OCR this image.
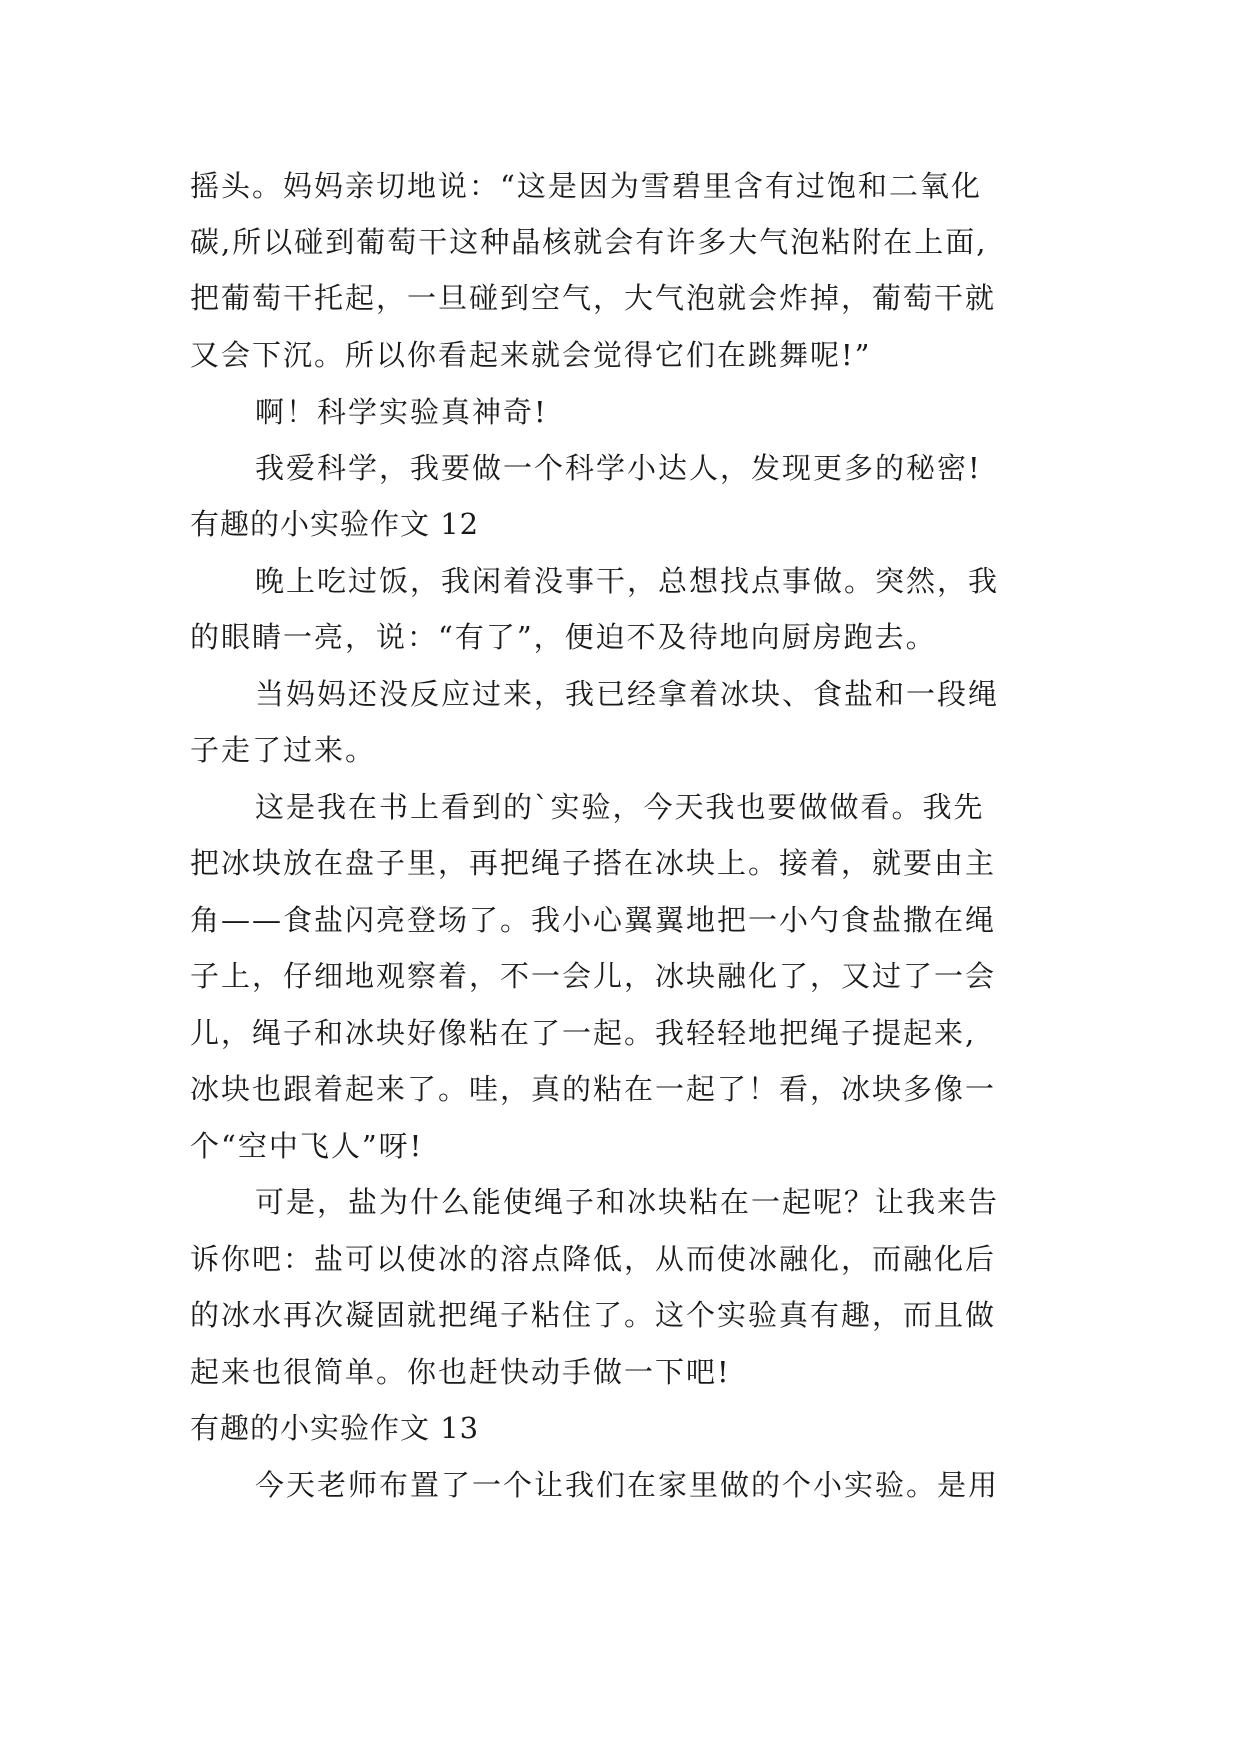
摇头。妈妈亲切地说：“这是因为雪碧里含有过饱和二氧化
碳,所以碰到葡萄干这种晶核就会有许多大气泡粘附在上面,
把葡萄干托起，一旦碰到空气，大气泡就会炸掉，葡萄干就
又会下沉。所以你看起来就会觉得它们在跳舞呢!”
啊！科学实验真神奇!
我爱科学，我要做一个科学小达人，发现更多的秘密!
有趣的小实验作文 12
晚上吃过饭，我闲着没事干，总想找点事做。突然，我
的眼睛一亮，说：“有了”，便迫不及待地向厨房跑去。
当妈妈还没反应过来，我已经拿着冰块、食盐和一段绳
子走了过来。
这是我在书上看到的`实验，今天我也要做做看。我先
把冰块放在盘子里，再把绳子搭在冰块上。接着，就要由主
角——食盐闪亮登场了。我小心翼翼地把一小勺食盐撒在绳
子上，仔细地观察着，不一会儿，冰块融化了，又过了一会
儿，绳子和冰块好像粘在了一起。我轻轻地把绳子提起来,
冰块也跟着起来了。哇，真的粘在一起了！看，冰块多像一
个“空中飞人”呀!
可是，盐为什么能使绳子和冰块粘在一起呢？让我来告
诉你吧：盐可以使冰的溶点降低，从而使冰融化，而融化后
的冰水再次凝固就把绳子粘住了。这个实验真有趣，而且做
起来也很简单。你也赶快动手做一下吧!
有趣的小实验作文 13
今天老师布置了一个让我们在家里做的个小实验。是用
